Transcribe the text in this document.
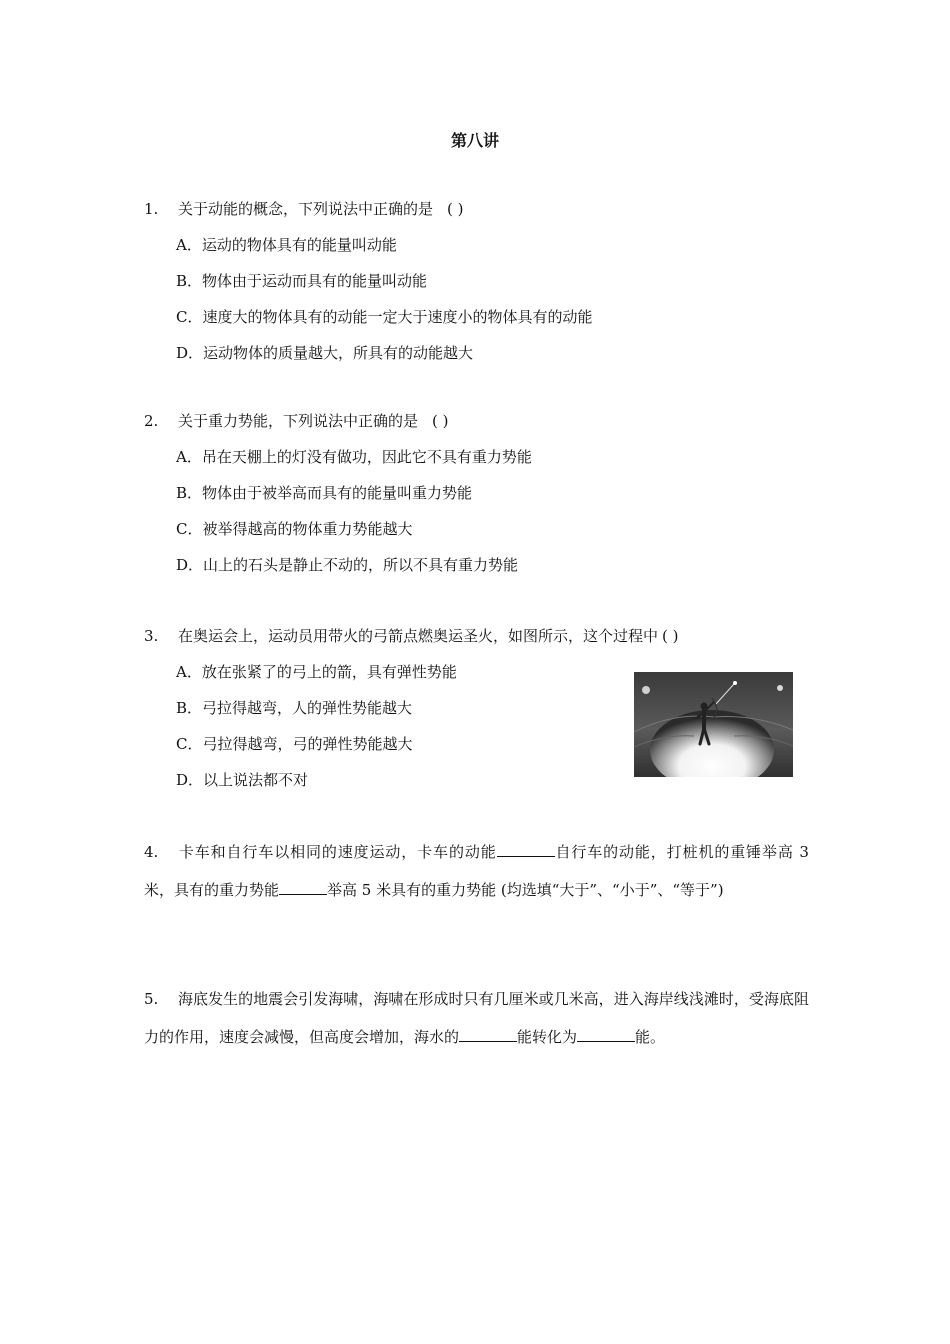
第八讲
1. 关于动能的概念，下列说法中正确的是 ( )
A．运动的物体具有的能量叫动能
B．物体由于运动而具有的能量叫动能
C．速度大的物体具有的动能一定大于速度小的物体具有的动能
D．运动物体的质量越大，所具有的动能越大
2. 关于重力势能，下列说法中正确的是 ( )
A．吊在天棚上的灯没有做功，因此它不具有重力势能
B．物体由于被举高而具有的能量叫重力势能
C．被举得越高的物体重力势能越大
D．山上的石头是静止不动的，所以不具有重力势能
3. 在奥运会上，运动员用带火的弓箭点燃奥运圣火，如图所示，这个过程中 ( )
A．放在张紧了的弓上的箭，具有弹性势能
B．弓拉得越弯，人的弹性势能越大
C．弓拉得越弯，弓的弹性势能越大
D．以上说法都不对
4. 卡车和自行车以相同的速度运动，卡车的动能	自行车的动能，打桩机的重锤举高 3 米，具有的重力势能	举高 5 米具有的重力势能 (均选填“大于”、“小于”、“等于”)
5. 海底发生的地震会引发海啸，海啸在形成时只有几厘米或几米高，进入海岸线浅滩时，受海底阻力的作用，速度会减慢，但高度会增加，海水的	能转化为	能。
